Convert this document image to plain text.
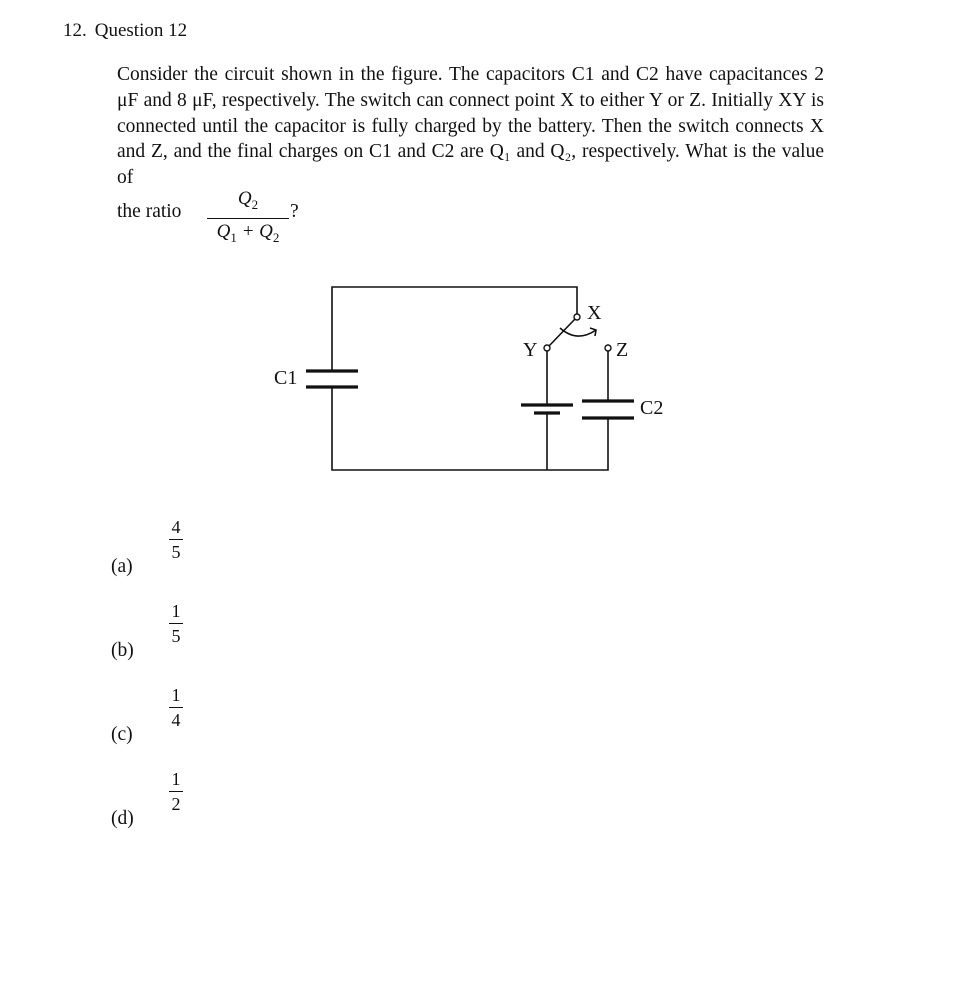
12. Question 12

Consider the circuit shown in the figure. The capacitors C1 and C2 have capacitances 2 μF and 8 μF, respectively. The switch can connect point X to either Y or Z. Initially XY is connected until the capacitor is fully charged by the battery. Then the switch connects X and Z, and the final charges on C1 and C2 are Q₁ and Q₂, respectively. What is the value of

the ratio
$Q_2$
$Q_1 + Q_2$
?
C1
C2
X
Y	Z
(a)
4
5
(b)
1
5
(c)
1
4
(d)
1
2
